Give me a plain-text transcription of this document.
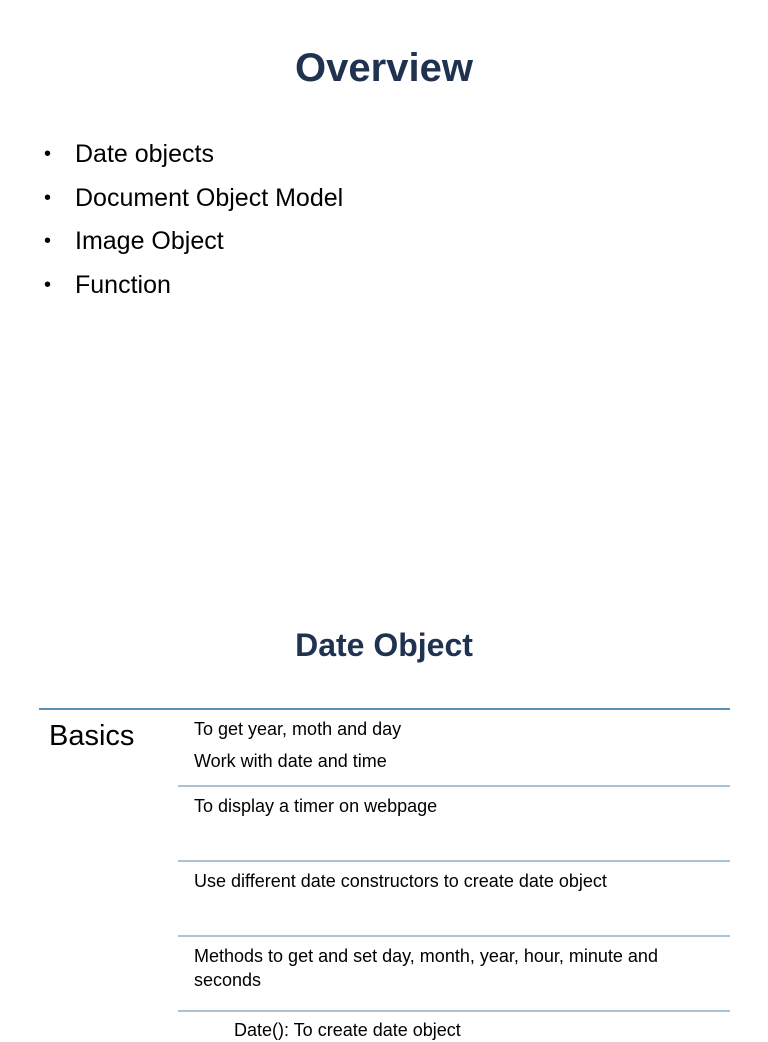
Overview
• Date objects
• Document Object Model
• Image Object
• Function
Date Object
Basics	To get year, moth and day
Work with date and time
To display a timer on webpage
Use different date constructors to create date object
Methods to get and set day, month, year, hour, minute and seconds
Date(): To create date object
